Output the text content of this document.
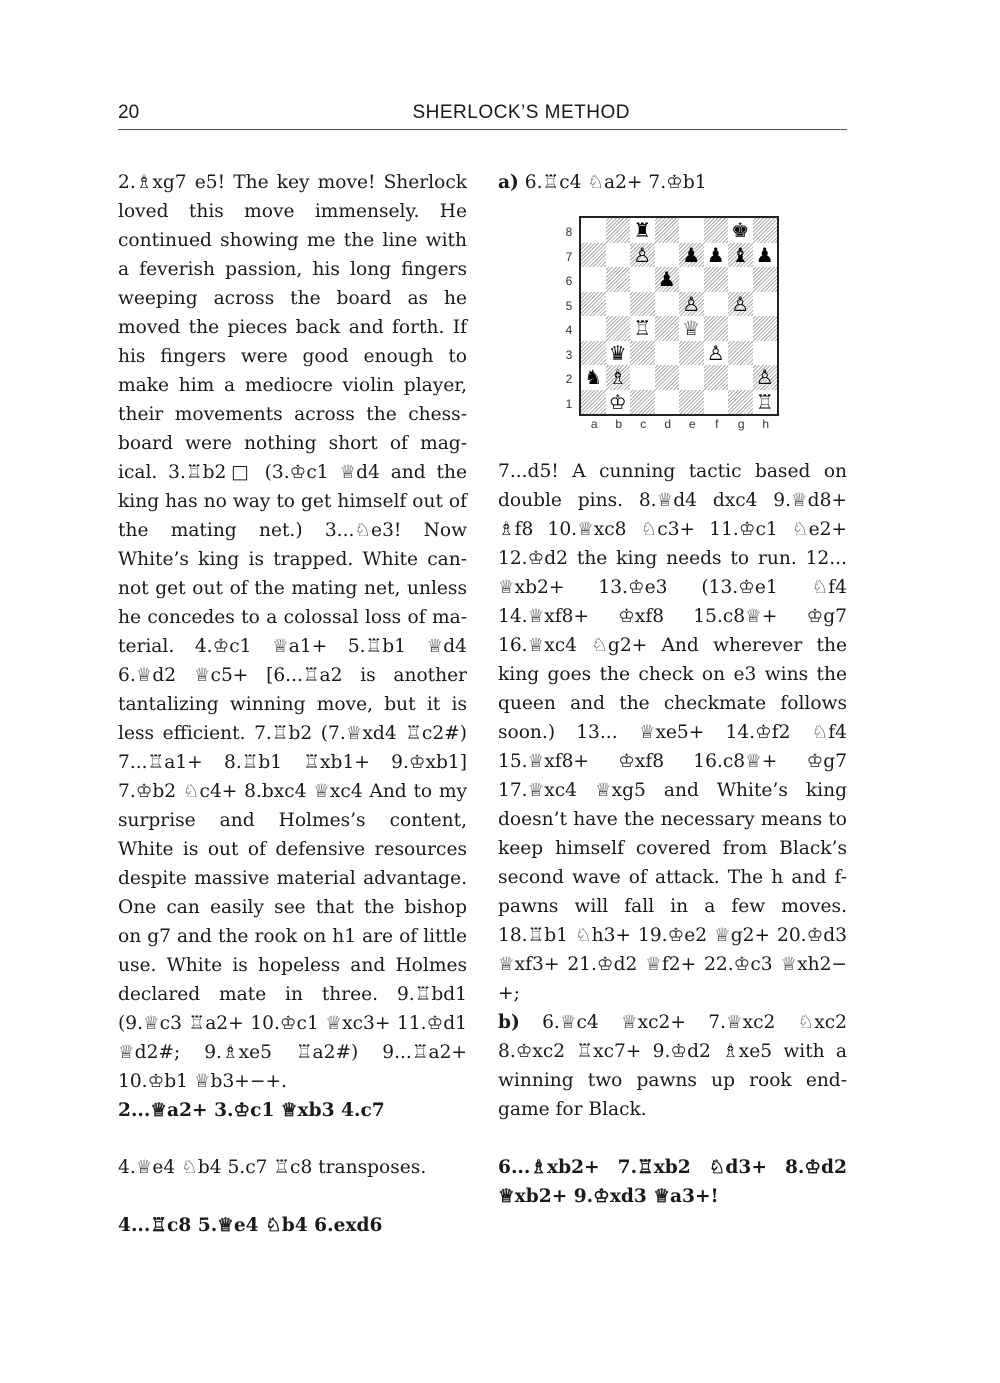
20	SHERLOCK’S METHOD

2.♗xg7 e5! The key move! Sherlock loved this move immensely. He continued showing me the line with a feverish passion, his long fingers weeping across the board as he moved the pieces back and forth. If his fingers were good enough to make him a mediocre violin player, their movements across the chessboard were nothing short of magical. 3.♖b2□ (3.♔c1 ♕d4 and the king has no way to get himself out of the mating net.) 3...♘e3! Now White’s king is trapped. White cannot get out of the mating net, unless he concedes to a colossal loss of material. 4.♔c1 ♕a1+ 5.♖b1 ♕d4 6.♕d2 ♕c5+ [6...♖a2 is another tantalizing winning move, but it is less efficient. 7.♖b2 (7.♕xd4 ♖c2#) 7...♖a1+ 8.♖b1 ♖xb1+ 9.♔xb1] 7.♔b2 ♘c4+ 8.bxc4 ♕xc4 And to my surprise and Holmes’s content, White is out of defensive resources despite massive material advantage. One can easily see that the bishop on g7 and the rook on h1 are of little use. White is hopeless and Holmes declared mate in three. 9.♖bd1 (9.♕c3 ♖a2+ 10.♔c1 ♕xc3+ 11.♔d1 ♕d2#; 9.♗xe5 ♖a2#) 9...♖a2+ 10.♔b1 ♕b3+−+.

2...♕a2+ 3.♔c1 ♕xb3 4.c7

4.♕e4 ♘b4 5.c7 ♖c8 transposes.

4...♖c8 5.♕e4 ♘b4 6.exd6

a) 6.♖c4 ♘a2+ 7.♔b1

8
7
6
5
4
3
2
1
♜	♚
♙ ♟ ♟ ♝ ♟
♟
♙ ♙
♖ ♕
♛	♙
♞ ♗	♙
♔	♖
a	b	c	d	e	f	g	h

7...d5! A cunning tactic based on double pins. 8.♕d4 dxc4 9.♕d8+ ♗f8 10.♕xc8 ♘c3+ 11.♔c1 ♘e2+ 12.♔d2 the king needs to run. 12... ♕xb2+ 13.♔e3 (13.♔e1 ♘f4 14.♕xf8+ ♔xf8 15.c8♕+ ♔g7 16.♕xc4 ♘g2+ And wherever the king goes the check on e3 wins the queen and the checkmate follows soon.) 13... ♕xe5+ 14.♔f2 ♘f4 15.♕xf8+ ♔xf8 16.c8♕+ ♔g7 17.♕xc4 ♕xg5 and White’s king doesn’t have the necessary means to keep himself covered from Black’s second wave of attack. The h and f-pawns will fall in a few moves. 18.♖b1 ♘h3+ 19.♔e2 ♕g2+ 20.♔d3 ♕xf3+ 21.♔d2 ♕f2+ 22.♔c3 ♕xh2−+;

b) 6.♕c4 ♕xc2+ 7.♕xc2 ♘xc2 8.♔xc2 ♖xc7+ 9.♔d2 ♗xe5 with a winning two pawns up rook endgame for Black.

6...♗xb2+ 7.♖xb2 ♘d3+ 8.♔d2 ♕xb2+ 9.♔xd3 ♕a3+!
